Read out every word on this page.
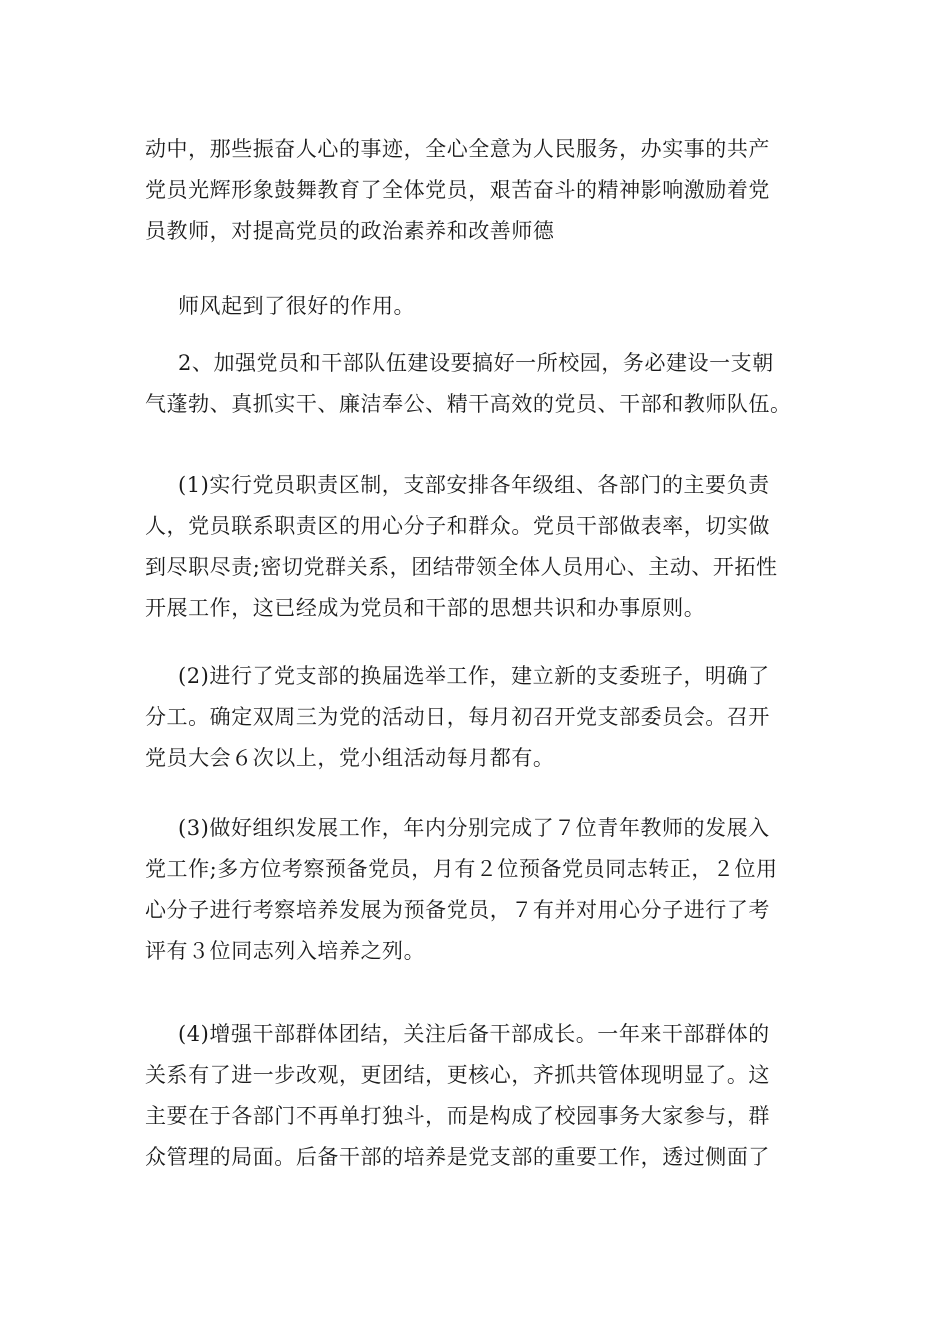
动中，那些振奋人心的事迹，全心全意为人民服务，办实事的共产
党员光辉形象鼓舞教育了全体党员，艰苦奋斗的精神影响激励着党
员教师，对提高党员的政治素养和改善师德
师风起到了很好的作用。
2、加强党员和干部队伍建设要搞好一所校园，务必建设一支朝
气蓬勃、真抓实干、廉洁奉公、精干高效的党员、干部和教师队伍。
(1)实行党员职责区制，支部安排各年级组、各部门的主要负责
人，党员联系职责区的用心分子和群众。党员干部做表率，切实做
到尽职尽责;密切党群关系，团结带领全体人员用心、主动、开拓性
开展工作，这已经成为党员和干部的思想共识和办事原则。
(2)进行了党支部的换届选举工作，建立新的支委班子，明确了
分工。确定双周三为党的活动日，每月初召开党支部委员会。召开
党员大会６次以上，党小组活动每月都有。
(3)做好组织发展工作，年内分别完成了７位青年教师的发展入
党工作;多方位考察预备党员，月有２位预备党员同志转正，２位用
心分子进行考察培养发展为预备党员，７有并对用心分子进行了考
评有３位同志列入培养之列。
(4)增强干部群体团结，关注后备干部成长。一年来干部群体的
关系有了进一步改观，更团结，更核心，齐抓共管体现明显了。这
主要在于各部门不再单打独斗，而是构成了校园事务大家参与，群
众管理的局面。后备干部的培养是党支部的重要工作，透过侧面了
